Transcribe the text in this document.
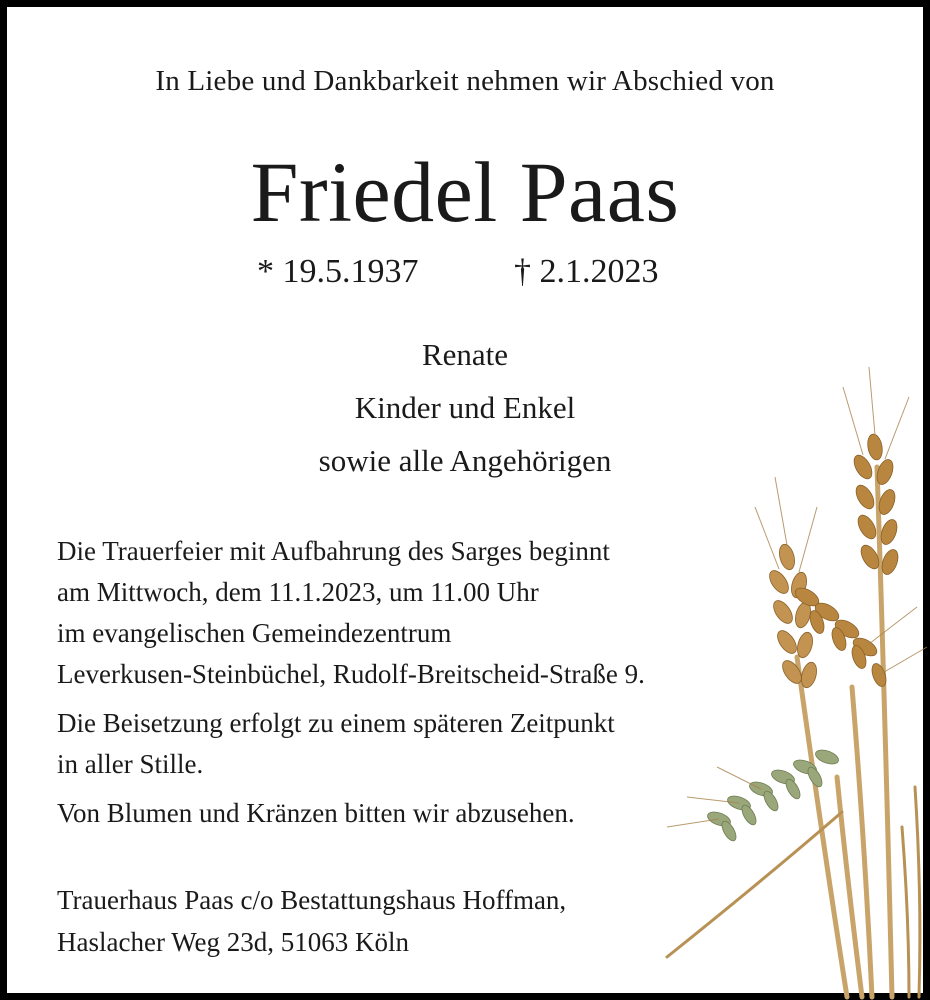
In Liebe und Dankbarkeit nehmen wir Abschied von
Friedel Paas
* 19.5.1937	† 2.1.2023
Renate
Kinder und Enkel
sowie alle Angehörigen
Die Trauerfeier mit Aufbahrung des Sarges beginnt
am Mittwoch, dem 11.1.2023, um 11.00 Uhr
im evangelischen Gemeindezentrum
Leverkusen-Steinbüchel, Rudolf-Breitscheid-Straße 9.
Die Beisetzung erfolgt zu einem späteren Zeitpunkt
in aller Stille.
Von Blumen und Kränzen bitten wir abzusehen.
Trauerhaus Paas c/o Bestattungshaus Hoffman,
Haslacher Weg 23d, 51063 Köln
